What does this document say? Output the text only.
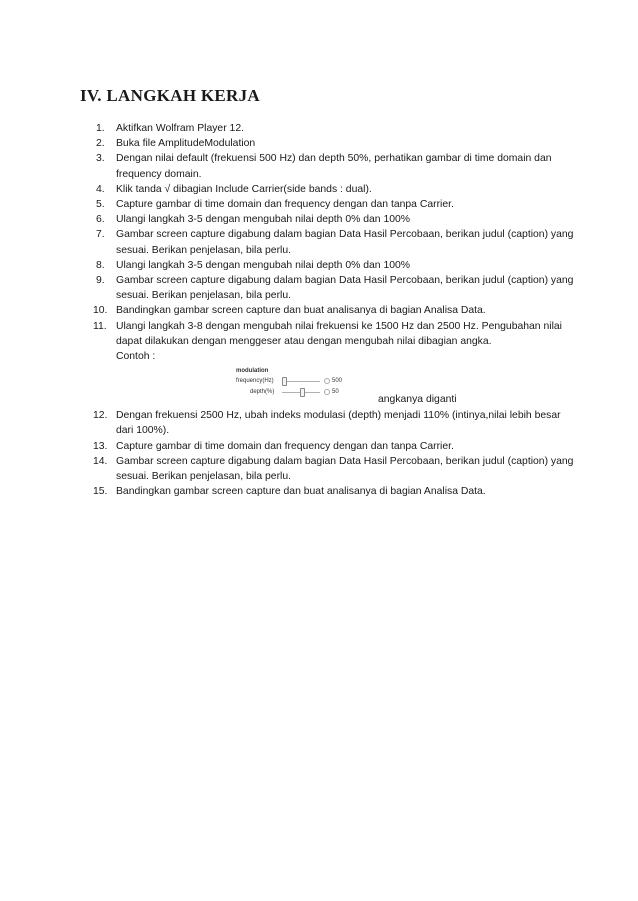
IV. LANGKAH KERJA
1. Aktifkan Wolfram Player 12.
2. Buka file AmplitudeModulation
3. Dengan nilai default (frekuensi 500 Hz) dan depth 50%, perhatikan gambar di time domain dan frequency domain.
4. Klik tanda √ dibagian Include Carrier(side bands : dual).
5. Capture gambar di time domain dan frequency dengan dan tanpa Carrier.
6. Ulangi langkah 3-5 dengan mengubah nilai depth 0% dan 100%
7. Gambar screen capture digabung dalam bagian Data Hasil Percobaan, berikan judul (caption) yang sesuai. Berikan penjelasan, bila perlu.
8. Ulangi langkah 3-5 dengan mengubah nilai depth 0% dan 100%
9. Gambar screen capture digabung dalam bagian Data Hasil Percobaan, berikan judul (caption) yang sesuai. Berikan penjelasan, bila perlu.
10. Bandingkan gambar screen capture dan buat analisanya di bagian Analisa Data.
11. Ulangi langkah 3-8 dengan mengubah nilai frekuensi ke 1500 Hz dan 2500 Hz. Pengubahan nilai dapat dilakukan dengan menggeser atau dengan mengubah nilai dibagian angka.
Contoh :
modulation
frequency(Hz)	500
depth(%)	50
angkanya diganti
12. Dengan frekuensi 2500 Hz, ubah indeks modulasi (depth) menjadi 110% (intinya,nilai lebih besar dari 100%).
13. Capture gambar di time domain dan frequency dengan dan tanpa Carrier.
14. Gambar screen capture digabung dalam bagian Data Hasil Percobaan, berikan judul (caption) yang sesuai. Berikan penjelasan, bila perlu.
15. Bandingkan gambar screen capture dan buat analisanya di bagian Analisa Data.
